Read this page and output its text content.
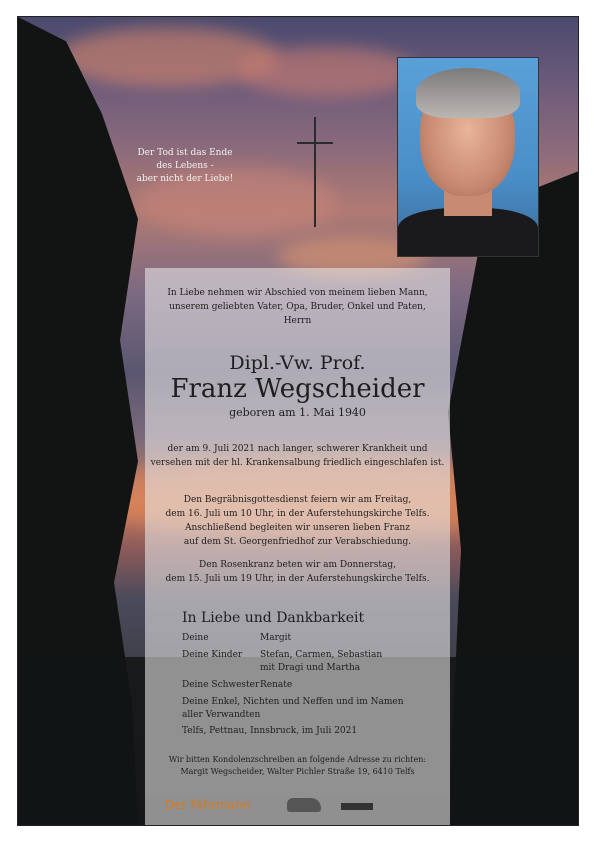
Der Tod ist das Ende
des Lebens -
aber nicht der Liebe!
In Liebe nehmen wir Abschied von meinem lieben Mann,
unserem geliebten Vater, Opa, Bruder, Onkel und Paten,
Herrn
Dipl.-Vw. Prof.
Franz Wegscheider
geboren am 1. Mai 1940
der am 9. Juli 2021 nach langer, schwerer Krankheit und
versehen mit der hl. Krankensalbung friedlich eingeschlafen ist.
Den Begräbnisgottesdienst feiern wir am Freitag,
dem 16. Juli um 10 Uhr, in der Auferstehungskirche Telfs.
Anschließend begleiten wir unseren lieben Franz
auf dem St. Georgenfriedhof zur Verabschiedung.
Den Rosenkranz beten wir am Donnerstag,
dem 15. Juli um 19 Uhr, in der Auferstehungskirche Telfs.
In Liebe und Dankbarkeit
Deine	Margit
Deine Kinder	Stefan, Carmen, Sebastian
mit Dragi und Martha
Deine Schwester Renate
Deine Enkel, Nichten und Neffen und im Namen
aller Verwandten
Telfs, Pettnau, Innsbruck, im Juli 2021
Wir bitten Kondolenzschreiben an folgende Adresse zu richten:
Margit Wegscheider, Walter Pichler Straße 19, 6410 Telfs
Der Fährmann
